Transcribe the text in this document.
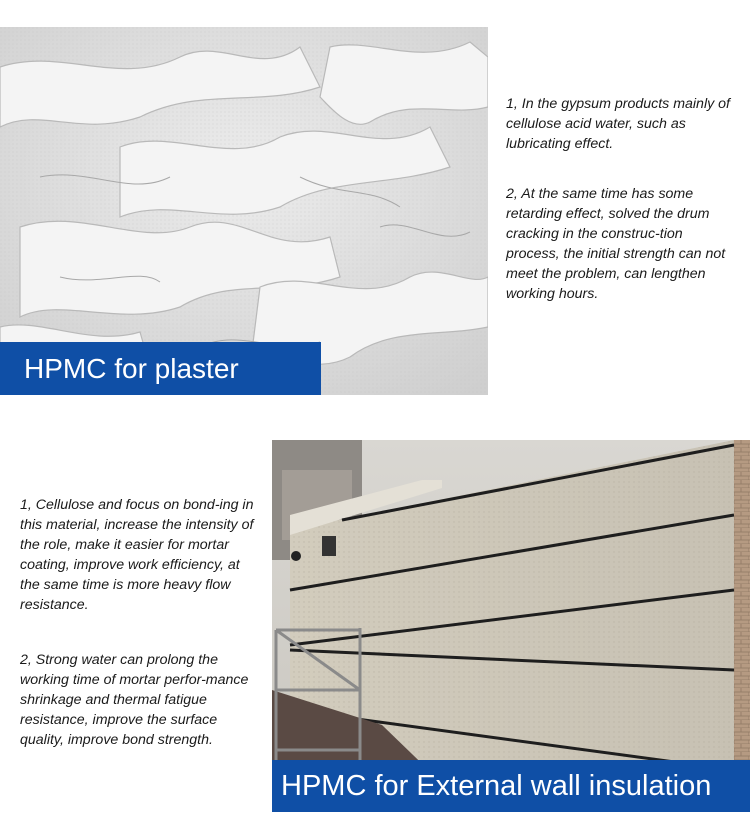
HPMC for plaster

1, In the gypsum products mainly of cellulose acid water, such as lubricating effect.

2, At the same time has some retarding effect, solved the drum cracking in the construc-tion process, the initial strength can not meet the problem, can lengthen working hours.

1, Cellulose and focus on bond-ing in this material, increase the intensity of the role, make it easier for mortar coating, improve work efficiency, at the same time is more heavy flow resistance.

2, Strong water can prolong the working time of mortar perfor-mance shrinkage and thermal fatigue resistance, improve the surface quality, improve bond strength.

HPMC for External wall insulation
